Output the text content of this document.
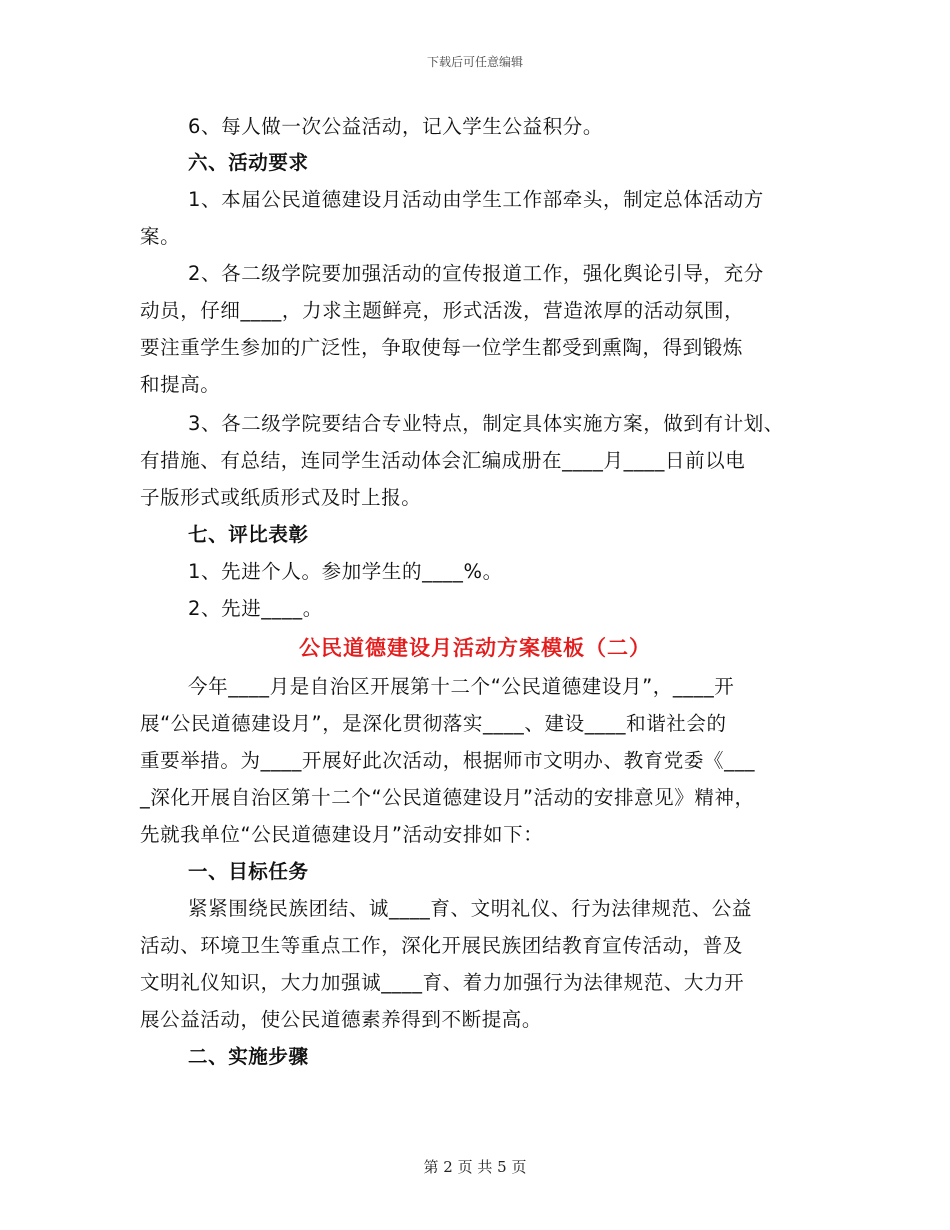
下载后可任意编辑
6、每人做一次公益活动，记入学生公益积分。
六、活动要求
1、本届公民道德建设月活动由学生工作部牵头，制定总体活动方
案。
2、各二级学院要加强活动的宣传报道工作，强化舆论引导，充分
动员，仔细____，力求主题鲜亮，形式活泼，营造浓厚的活动氛围，
要注重学生参加的广泛性，争取使每一位学生都受到熏陶，得到锻炼
和提高。
3、各二级学院要结合专业特点，制定具体实施方案，做到有计划、
有措施、有总结，连同学生活动体会汇编成册在____月____日前以电
子版形式或纸质形式及时上报。
七、评比表彰
1、先进个人。参加学生的____%。
2、先进____。
公民道德建设月活动方案模板（二）
今年____月是自治区开展第十二个“公民道德建设月”，____开
展“公民道德建设月”，是深化贯彻落实____、建设____和谐社会的
重要举措。为____开展好此次活动，根据师市文明办、教育党委《___
_深化开展自治区第十二个“公民道德建设月”活动的安排意见》精神，
先就我单位“公民道德建设月”活动安排如下：
一、目标任务
紧紧围绕民族团结、诚____育、文明礼仪、行为法律规范、公益
活动、环境卫生等重点工作，深化开展民族团结教育宣传活动，普及
文明礼仪知识，大力加强诚____育、着力加强行为法律规范、大力开
展公益活动，使公民道德素养得到不断提高。
二、实施步骤
第 2 页 共 5 页
